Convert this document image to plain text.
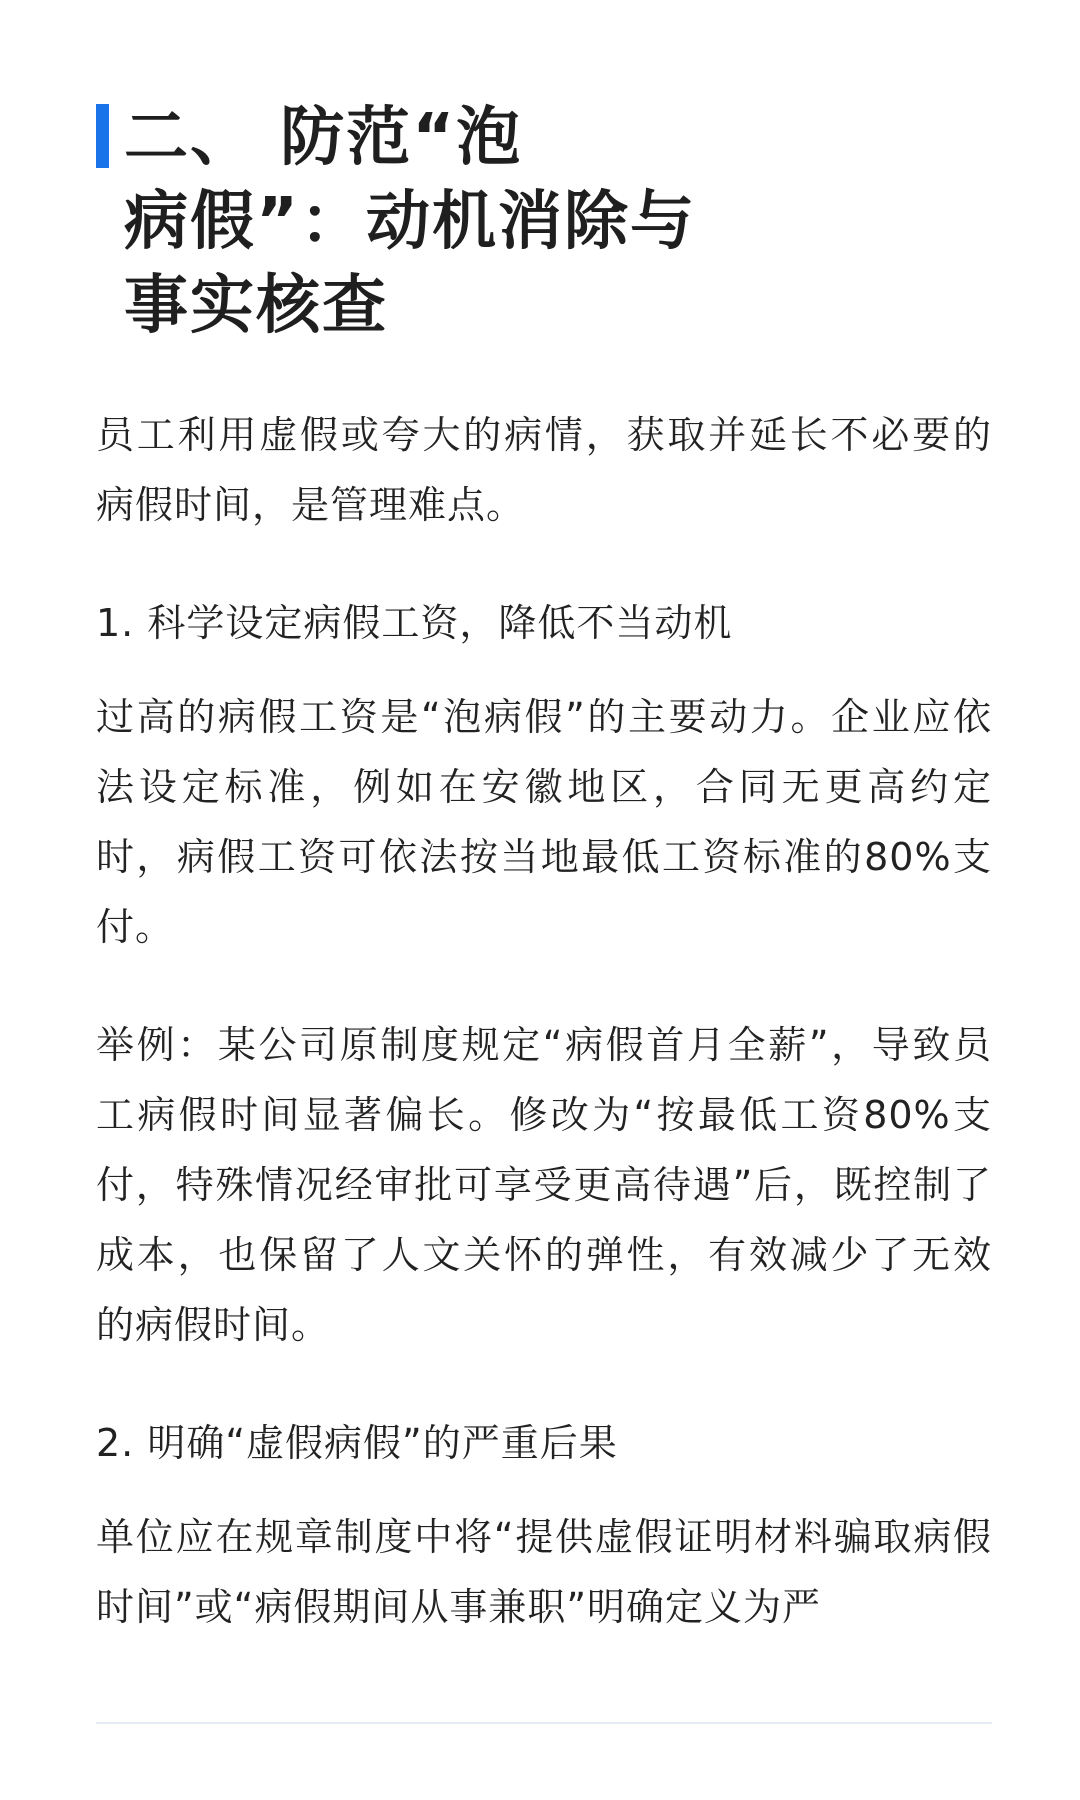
二、 防范“泡
病假”：动机消除与
事实核查

员工利用虚假或夸大的病情，获取并延长不必要的病假时间，是管理难点。

1. 科学设定病假工资，降低不当动机

过高的病假工资是“泡病假”的主要动力。企业应依法设定标准，例如在安徽地区，合同无更高约定时，病假工资可依法按当地最低工资标准的80%支付。

举例：某公司原制度规定“病假首月全薪”，导致员工病假时间显著偏长。修改为“按最低工资80%支付，特殊情况经审批可享受更高待遇”后，既控制了成本，也保留了人文关怀的弹性，有效减少了无效的病假时间。

2. 明确“虚假病假”的严重后果

单位应在规章制度中将“提供虚假证明材料骗取病假时间”或“病假期间从事兼职”明确定义为严
